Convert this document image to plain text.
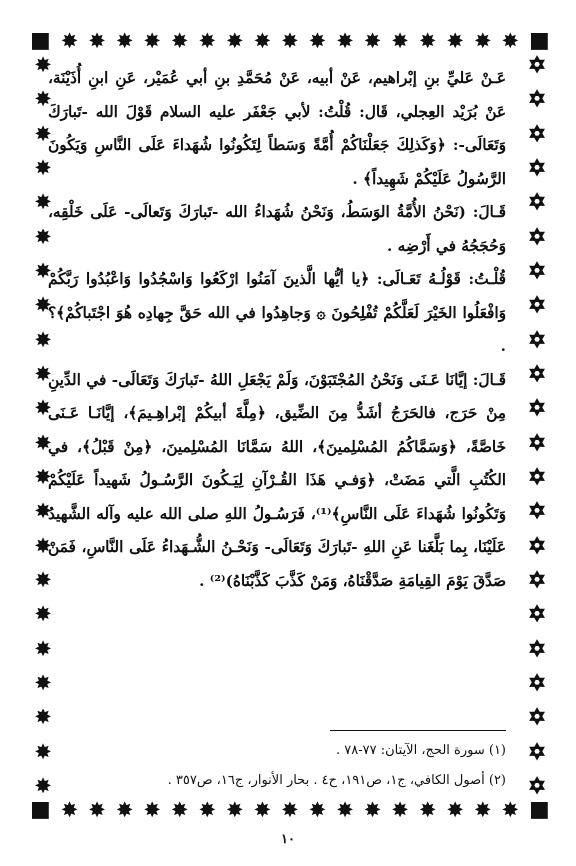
■ ✸ ✸ ✸ ✸ ✸ ✸ ✸ ✸ ✸ ✸ ✸ ✸ ✸ ✸ ✸ ✸ ✸ ■
■ ✸ ✸ ✸ ✸ ✸ ✸ ✸ ✸ ✸ ✸ ✸ ✸ ✸ ✸ ✸ ✸ ✸ ■
✡
✡
✡
✡
✡
✡
✡
✡
✡
✡
✡
✡
✡
✡
✡
✡
✡
✡
✡
✡
✡
✡
✸
✸
✸
✸
✸
✸
✸
✸
✸
✸
✸
✸
✸
✸
✸
✸
✸
✸
✸
✸
✸
✸

عَـنْ عَليِّ بنِ إبْراهيم، عَنْ أبيه، عَنْ مُحَمَّدِ بنِ أبي عُمَيْر، عَنِ ابنِ أُذَيْنَة، عَنْ بُرَيْد العِجلي، قَال: قُلْتُ: لأبي جَعْفَر عليه السلام قَوْلَ الله -تَبارَكَ وَتَعَالَى-: ﴿وَكَذلِكَ جَعَلْنَاكُمْ أُمَّةً وَسَطاً لِتَكُونُوا شُهَداءَ عَلَى النَّاسِ وَيَكُونَ الرَّسُولُ عَلَيْكُمْ شَهِيداً﴾ .

قَـالَ: (نَحْنُ الأُمَّةُ الوَسَطُ، وَنَحْنُ شُهَداءُ الله -تَبارَكَ وَتَعالَى- عَلَى خَلْقِه، وَحُجَجُهُ في أَرْضِه .

قُلْـتُ: قَوْلُـهُ تَعَـالَى: ﴿يا أيُّها الَّذينَ آمَنُوا ارْكَعُوا وَاسْجُدُوا وَاعْبُدُوا رَبَّكُمْ وَافْعَلُوا الخَيْرَ لَعَلَّكُمْ تُفْلِحُونَ ۞ وَجاهِدُوا في الله حَقَّ جِهادِه هُوَ اجْتَباكُمْ﴾؟ .

قَـالَ: إيَّانَا عَـنَى وَنَحْنُ المُجْتَبَوْنَ، وَلَمْ يَجْعَلِ اللهُ -تَبارَكَ وَتَعَالَى- في الدِّينِ مِنْ حَرَج، فالحَرَجُ أشَدُّ مِنَ الضِّيق، ﴿مِلَّةَ أبيكُمْ إبْراهِـيمَ﴾، إيَّانَـا عَـنَى خَاصَّةً، ﴿وَسَمَّاكُمُ المُسْلِمينَ﴾، اللهُ سَمَّانَا المُسْلِمينَ، ﴿مِنْ قَبْلُ﴾، في الكُتُبِ الَّتي مَضَتْ، ﴿وَفـي هَذَا القُـرْآنِ لِيَـكُونَ الرَّسُـولُ شَهيداً عَلَيْكُمْ وَتَكُونُوا شُهَداءَ عَلَى النَّاسِ﴾⁽¹⁾، فَرَسُـولُ اللهِ صلى الله عليه وآله الشَّهيدُ عَلَيْنَا، بِما بَلَّغَنا عَنِ اللهِ -تَبارَكَ وَتَعَالَى- وَنَحْـنُ الشُّـهَداءُ عَلَى النَّاسِ، فَمَنْ صَدَّقَ يَوْمَ القِيامَةِ صَدَّقْنَاهُ، وَمَنْ كَذَّبَ كَذَّبْنَاهُ)⁽²⁾ .

(١) سورة الحج، الآيتان: ٧٧-٧٨ .
(٢) أصول الكافي، ج١، ص١٩١، ح٤ . بحار الأنوار، ج١٦، ص٣٥٧ .
١٠
